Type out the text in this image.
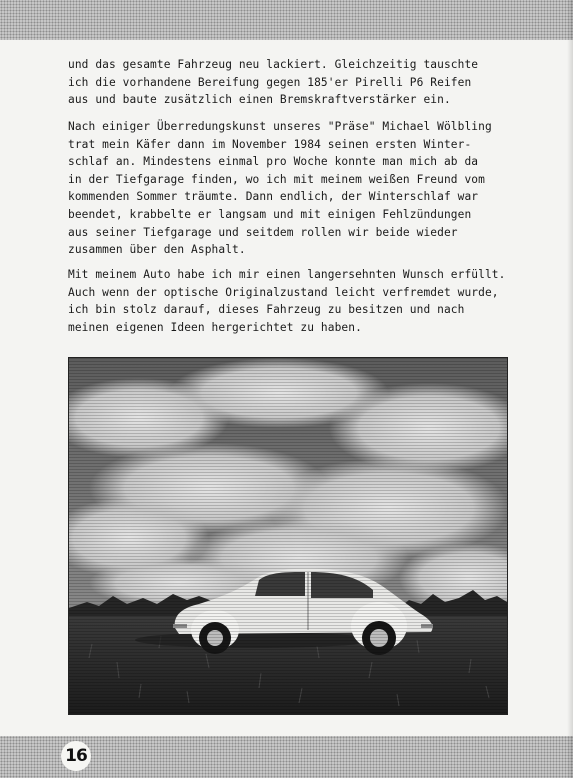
und das gesamte Fahrzeug neu lackiert. Gleichzeitig tauschte
ich die vorhandene Bereifung gegen 185'er Pirelli P6 Reifen
aus und baute zusätzlich einen Bremskraftverstärker ein.
Nach einiger Überredungskunst unseres "Präse" Michael Wölbling
trat mein Käfer dann im November 1984 seinen ersten Winter-
schlaf an. Mindestens einmal pro Woche konnte man mich ab da
in der Tiefgarage finden, wo ich mit meinem weißen Freund vom
kommenden Sommer träumte. Dann endlich, der Winterschlaf war
beendet, krabbelte er langsam und mit einigen Fehlzündungen
aus seiner Tiefgarage und seitdem rollen wir beide wieder
zusammen über den Asphalt.
Mit meinem Auto habe ich mir einen langersehnten Wunsch erfüllt.
Auch wenn der optische Originalzustand leicht verfremdet wurde,
ich bin stolz darauf, dieses Fahrzeug zu besitzen und nach
meinen eigenen Ideen hergerichtet zu haben.
16
